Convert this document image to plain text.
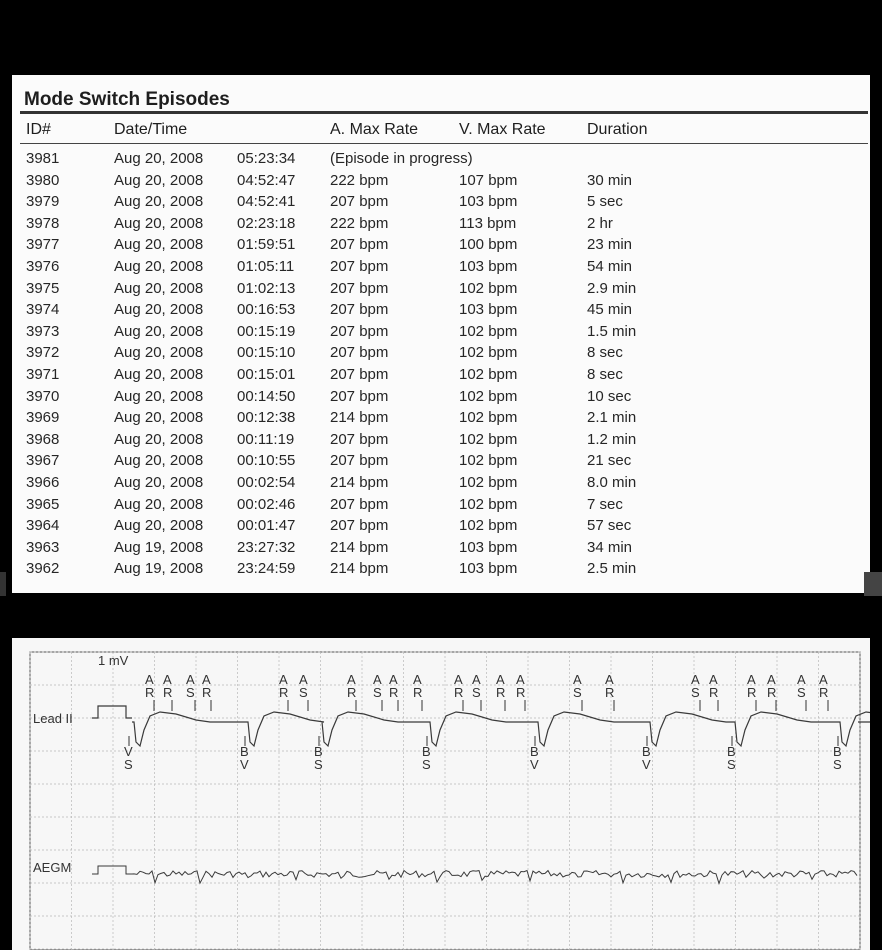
Mode Switch Episodes
ID#	Date/Time	A. Max Rate	V. Max Rate	Duration
3981	Aug 20, 2008 05:23:34 (Episode in progress)
3980	Aug 20, 2008 04:52:47 222 bpm	107 bpm	30 min
3979	Aug 20, 2008 04:52:41 207 bpm	103 bpm	5 sec
3978	Aug 20, 2008 02:23:18 222 bpm	113 bpm	2 hr
3977	Aug 20, 2008 01:59:51 207 bpm	100 bpm	23 min
3976	Aug 20, 2008 01:05:11 207 bpm	103 bpm	54 min
3975	Aug 20, 2008 01:02:13 207 bpm	102 bpm	2.9 min
3974	Aug 20, 2008 00:16:53 207 bpm	103 bpm	45 min
3973	Aug 20, 2008 00:15:19 207 bpm	102 bpm	1.5 min
3972	Aug 20, 2008 00:15:10 207 bpm	102 bpm	8 sec
3971	Aug 20, 2008 00:15:01 207 bpm	102 bpm	8 sec
3970	Aug 20, 2008 00:14:50 207 bpm	102 bpm	10 sec
3969	Aug 20, 2008 00:12:38 214 bpm	102 bpm	2.1 min
3968	Aug 20, 2008 00:11:19 207 bpm	102 bpm	1.2 min
3967	Aug 20, 2008 00:10:55 207 bpm	102 bpm	21 sec
3966	Aug 20, 2008 00:02:54 214 bpm	102 bpm	8.0 min
3965	Aug 20, 2008 00:02:46 207 bpm	102 bpm	7 sec
3964	Aug 20, 2008 00:01:47 207 bpm	102 bpm	57 sec
3963	Aug 19, 2008 23:27:32 214 bpm	103 bpm	34 min
3962	Aug 19, 2008 23:24:59 214 bpm	103 bpm	2.5 min
1 mV
Lead II
AEGM
A
R
A
R
A
S
A
R
A
R
A
S
A
R
A
S
A
R
A
R
A
R
A
S
A
R
A
R
A
S
A
R
A
S
A
R
A
R
A
R
A
S
A
R
V
S
B
V
B
S
B
S
B
V
B
V
B
S
B
S
